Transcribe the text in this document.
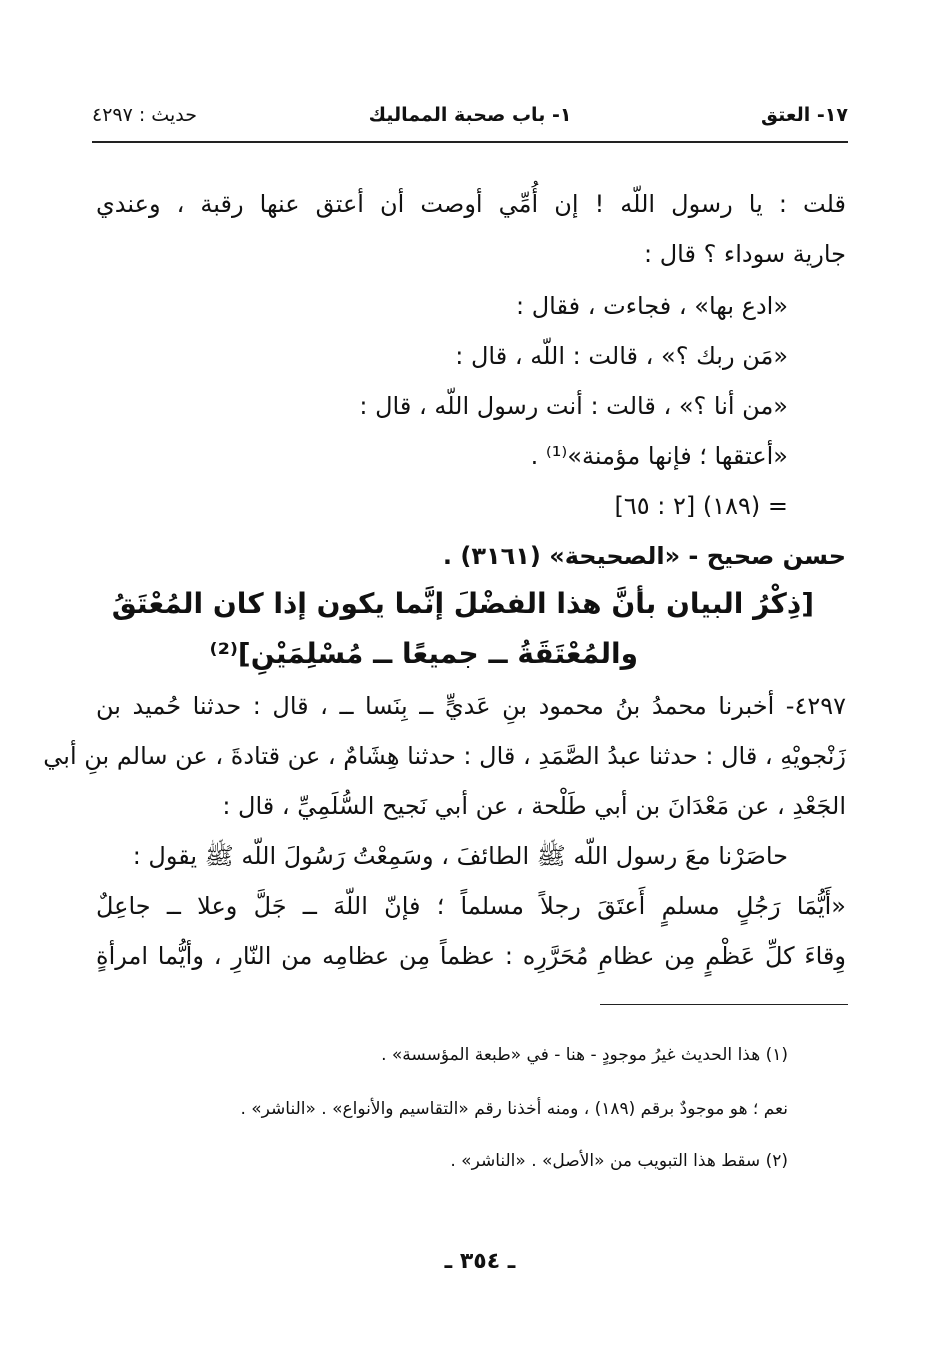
١٧- العتق
١- باب صحبة المماليك
حديث : ٤٢٩٧
قلت : يا رسول اللّه ! إن أُمِّي أوصت أن أعتق عنها رقبة ، وعندي
جارية سوداء ؟ قال :
«ادع بها» ، فجاءت ، فقال :
«مَن ربك ؟» ، قالت : اللّه ، قال :
«من أنا ؟» ، قالت : أنت رسول اللّه ، قال :
«أعتقها ؛ فإنها مؤمنة»⁽¹⁾ .
= (١٨٩) [٢ : ٦٥]
حسن صحيح - «الصحيحة» (٣١٦١) .
[ذِكْرُ البيان بأنَّ هذا الفضْلَ إنَّما يكون إذا كان المُعْتَقُ
والمُعْتَقَةُ ــ جميعًا ــ مُسْلِمَيْنِ]⁽²⁾
٤٢٩٧- أخبرنا محمدُ بنُ محمود بنِ عَديٍّ ــ بِنَسا ــ ، قال : حدثنا حُميد بن
زَنْجويْهِ ، قال : حدثنا عبدُ الصَّمَدِ ، قال : حدثنا هِشَامٌ ، عن قتادةَ ، عن سالم بنِ أبي
الجَعْدِ ، عن مَعْدَانَ بن أبي طَلْحة ، عن أبي نَجيح السُّلَمِيِّ ، قال :
حاصَرْنا معَ رسول اللّه ﷺ الطائفَ ، وسَمِعْتُ رَسُولَ اللّه ﷺ يقول :
«أَيُّمَا رَجُلٍ مسلمٍ أَعتَقَ رجلاً مسلماً ؛ فإنّ اللّهَ ــ جَلَّ وعلا ــ جاعِلٌ
وِقاءَ كلِّ عَظْمٍ مِن عظامِ مُحَرَّرِه : عظماً مِن عظامِه من النّارِ ، وأيُّما امرأةٍ
(١) هذا الحديث غيرُ موجودٍ - هنا - في «طبعة المؤسسة» .
نعم ؛ هو موجودٌ برقم (١٨٩) ، ومنه أخذنا رقم «التقاسيم والأنواع» . «الناشر» .
(٢) سقط هذا التبويب من «الأصل» . «الناشر» .
ـ ٣٥٤ ـ
